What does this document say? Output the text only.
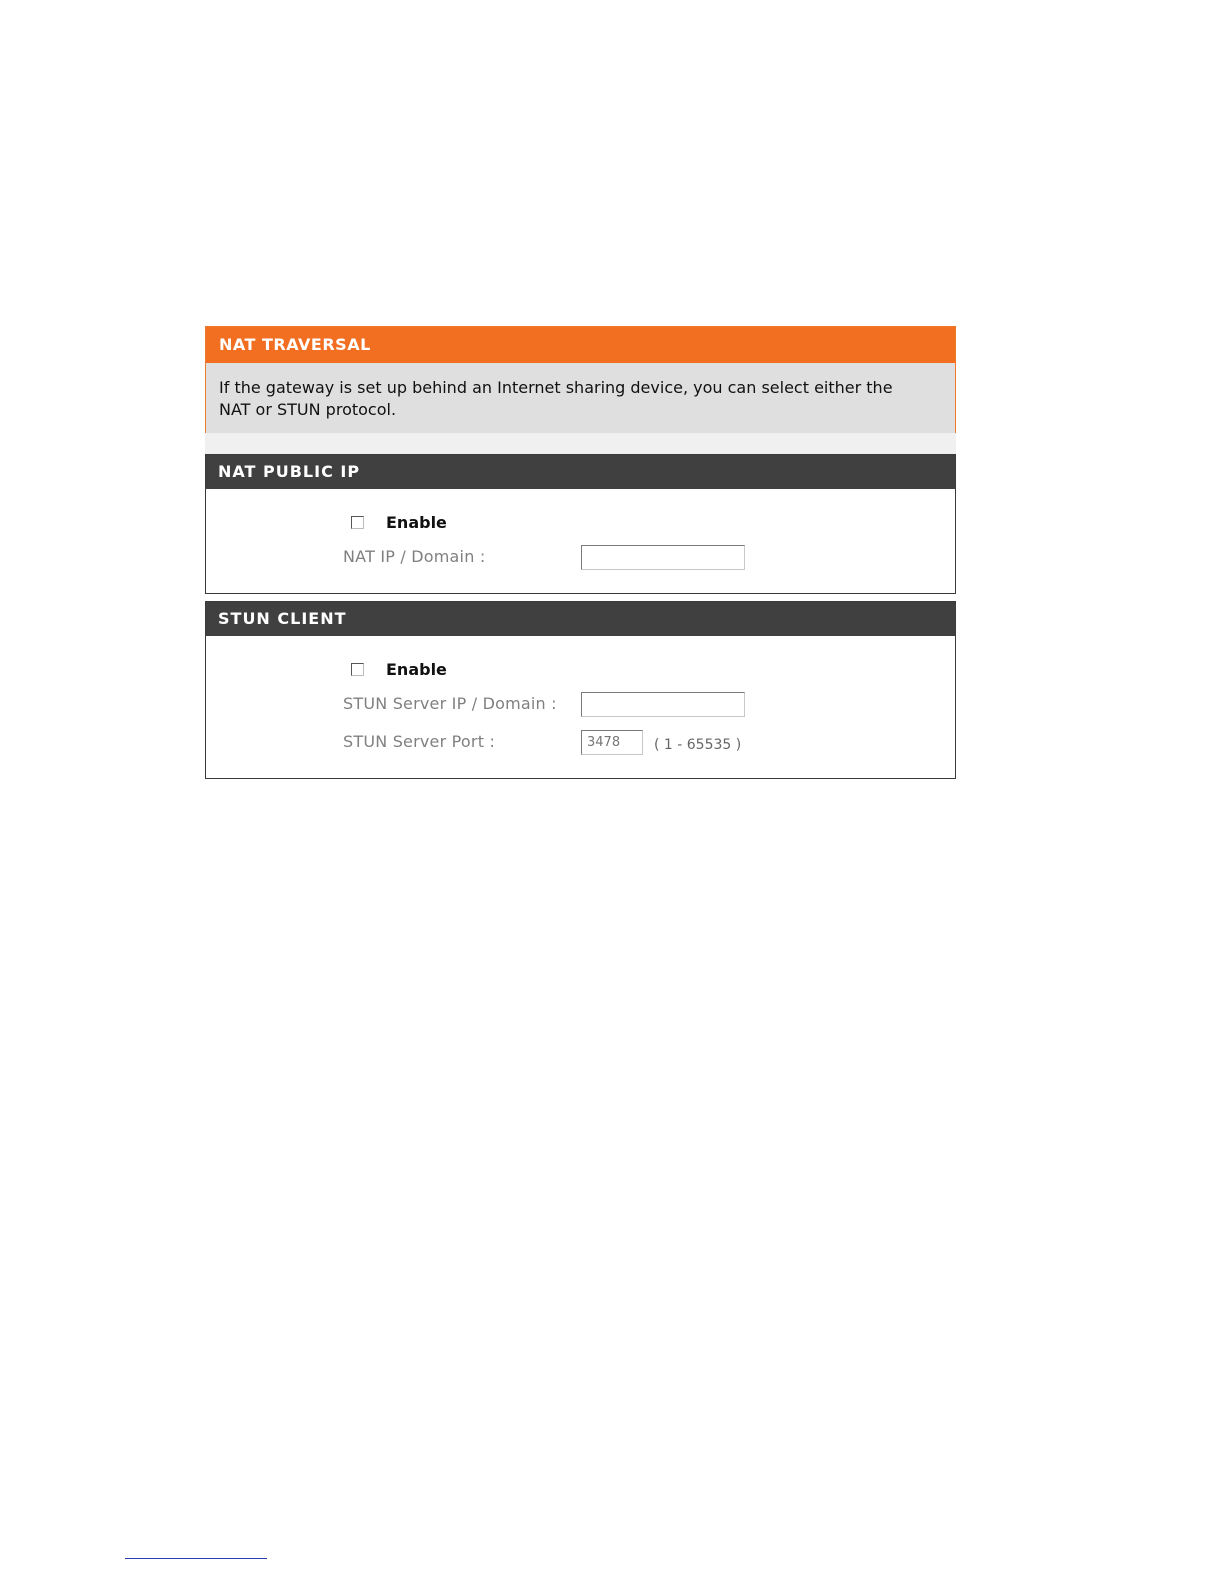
NAT TRAVERSAL
If the gateway is set up behind an Internet sharing device, you can select either the NAT or STUN protocol.
NAT PUBLIC IP
Enable
NAT IP / Domain :
STUN CLIENT
Enable
STUN Server IP / Domain :
STUN Server Port :
3478	( 1 - 65535 )
